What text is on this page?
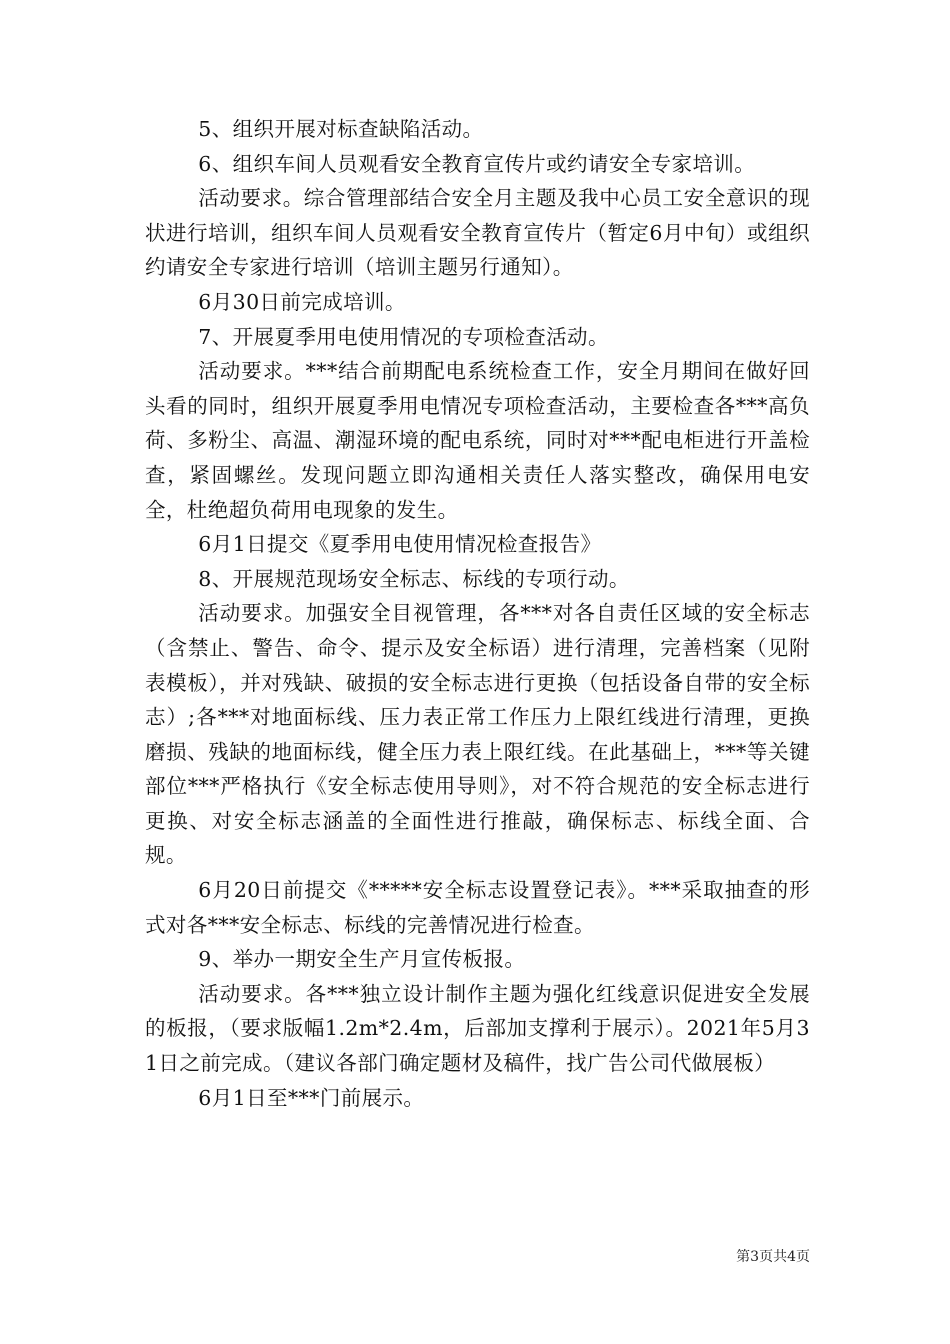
5、组织开展对标查缺陷活动。

6、组织车间人员观看安全教育宣传片或约请安全专家培训。

活动要求。综合管理部结合安全月主题及我中心员工安全意识的现状进行培训，组织车间人员观看安全教育宣传片（暂定6月中旬）或组织约请安全专家进行培训（培训主题另行通知）。

6月30日前完成培训。

7、开展夏季用电使用情况的专项检查活动。

活动要求。***结合前期配电系统检查工作，安全月期间在做好回头看的同时，组织开展夏季用电情况专项检查活动，主要检查各***高负荷、多粉尘、高温、潮湿环境的配电系统，同时对***配电柜进行开盖检查，紧固螺丝。发现问题立即沟通相关责任人落实整改，确保用电安全，杜绝超负荷用电现象的发生。

6月1日提交《夏季用电使用情况检查报告》

8、开展规范现场安全标志、标线的专项行动。

活动要求。加强安全目视管理，各***对各自责任区域的安全标志（含禁止、警告、命令、提示及安全标语）进行清理，完善档案（见附表模板），并对残缺、破损的安全标志进行更换（包括设备自带的安全标志）;各***对地面标线、压力表正常工作压力上限红线进行清理，更换磨损、残缺的地面标线，健全压力表上限红线。在此基础上，***等关键部位***严格执行《安全标志使用导则》，对不符合规范的安全标志进行更换、对安全标志涵盖的全面性进行推敲，确保标志、标线全面、合规。

6月20日前提交《*****安全标志设置登记表》。***采取抽查的形式对各***安全标志、标线的完善情况进行检查。

9、举办一期安全生产月宣传板报。

活动要求。各***独立设计制作主题为强化红线意识促进安全发展的板报，（要求版幅1.2m*2.4m，后部加支撑利于展示）。2021年5月31日之前完成。（建议各部门确定题材及稿件，找广告公司代做展板）

6月1日至***门前展示。

第3页共4页
